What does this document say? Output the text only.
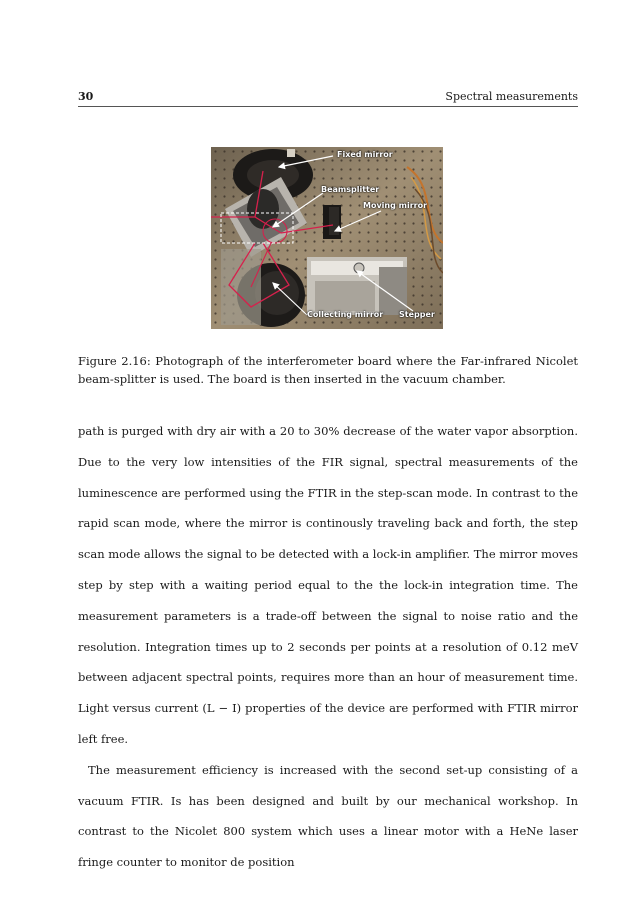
30	Spectral measurements
Fixed mirror
Beamsplitter
Moving mirror
Collecting mirror Stepper
Figure 2.16: Photograph of the interferometer board where the Far-infrared Nicolet beam-splitter is used. The board is then inserted in the vacuum chamber.

path is purged with dry air with a 20 to 30% decrease of the water vapor absorption. Due to the very low intensities of the FIR signal, spectral measurements of the luminescence are performed using the FTIR in the step-scan mode. In contrast to the rapid scan mode, where the mirror is continously traveling back and forth, the step scan mode allows the signal to be detected with a lock-in amplifier. The mirror moves step by step with a waiting period equal to the the lock-in integration time. The measurement parameters is a trade-off between the signal to noise ratio and the resolution. Integration times up to 2 seconds per points at a resolution of 0.12 meV between adjacent spectral points, requires more than an hour of measurement time. Light versus current (L − I) properties of the device are performed with FTIR mirror left free.

The measurement efficiency is increased with the second set-up consisting of a vacuum FTIR. Is has been designed and built by our mechanical workshop. In contrast to the Nicolet 800 system which uses a linear motor with a HeNe laser fringe counter to monitor de position
